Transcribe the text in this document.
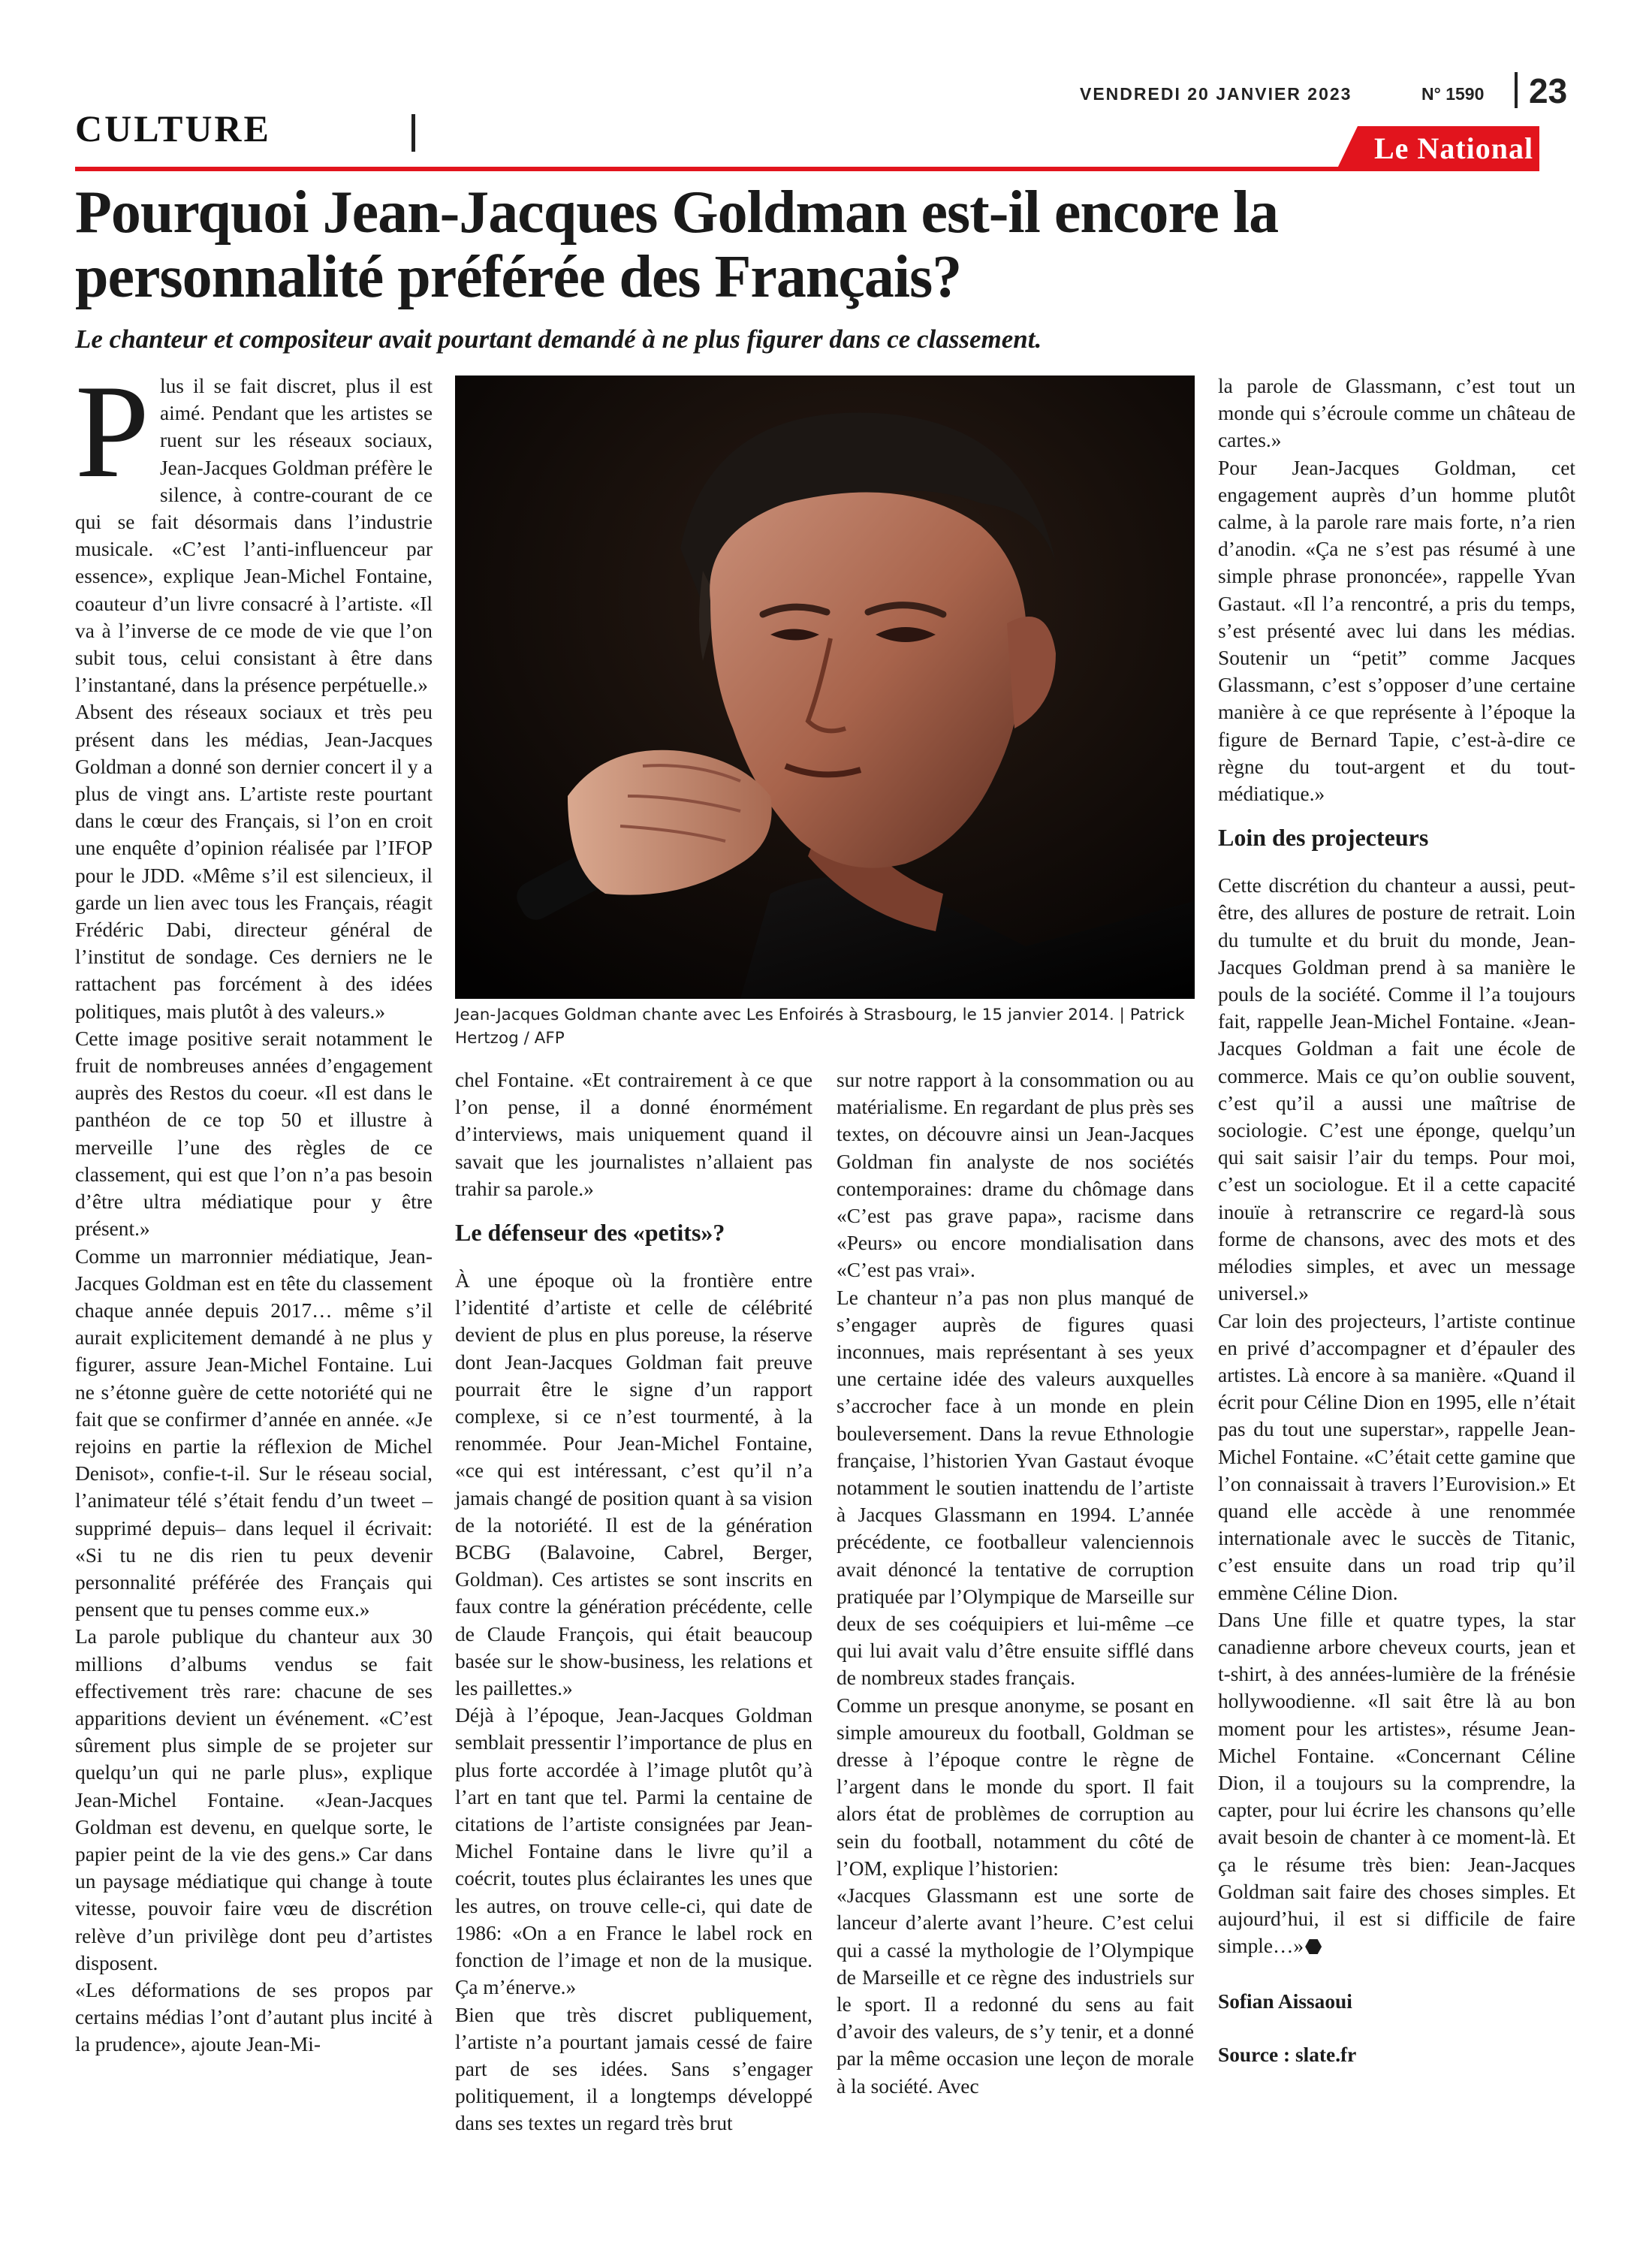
VENDREDI 20 JANVIER 2023	N° 1590 23
CULTURE	Le National
Pourquoi Jean-Jacques Goldman est-il encore la personnalité préférée des Français?
Le chanteur et compositeur avait pourtant demandé à ne plus figurer dans ce classement.

Plus il se fait discret, plus il est aimé. Pendant que les artistes se ruent sur les réseaux sociaux, Jean-Jacques Goldman préfère le silence, à contre-courant de ce qui se fait désormais dans l’industrie musicale. «C’est l’anti-influenceur par essence», explique Jean-Michel Fontaine, coauteur d’un livre consacré à l’artiste. «Il va à l’inverse de ce mode de vie que l’on subit tous, celui consistant à être dans l’instantané, dans la présence perpétuelle.»

Absent des réseaux sociaux et très peu présent dans les médias, Jean-Jacques Goldman a donné son dernier concert il y a plus de vingt ans. L’artiste reste pourtant dans le cœur des Français, si l’on en croit une enquête d’opinion réalisée par l’IFOP pour le JDD. «Même s’il est silencieux, il garde un lien avec tous les Français, réagit Frédéric Dabi, directeur général de l’institut de sondage. Ces derniers ne le rattachent pas forcément à des idées politiques, mais plutôt à des valeurs.»

Cette image positive serait notamment le fruit de nombreuses années d’engagement auprès des Restos du coeur. «Il est dans le panthéon de ce top 50 et illustre à merveille l’une des règles de ce classement, qui est que l’on n’a pas besoin d’être ultra médiatique pour y être présent.»

Comme un marronnier médiatique, Jean-Jacques Goldman est en tête du classement chaque année depuis 2017… même s’il aurait explicitement demandé à ne plus y figurer, assure Jean-Michel Fontaine. Lui ne s’étonne guère de cette notoriété qui ne fait que se confirmer d’année en année. «Je rejoins en partie la réflexion de Michel Denisot», confie-t-il. Sur le réseau social, l’animateur télé s’était fendu d’un tweet –supprimé depuis– dans lequel il écrivait: «Si tu ne dis rien tu peux devenir personnalité préférée des Français qui pensent que tu penses comme eux.»

La parole publique du chanteur aux 30 millions d’albums vendus se fait effectivement très rare: chacune de ses apparitions devient un événement. «C’est sûrement plus simple de se projeter sur quelqu’un qui ne parle plus», explique Jean-Michel Fontaine. «Jean-Jacques Goldman est devenu, en quelque sorte, le papier peint de la vie des gens.» Car dans un paysage médiatique qui change à toute vitesse, pouvoir faire vœu de discrétion relève d’un privilège dont peu d’artistes disposent.

«Les déformations de ses propos par certains médias l’ont d’autant plus incité à la prudence», ajoute Jean-Mi-

Jean-Jacques Goldman chante avec Les Enfoirés à Strasbourg, le 15 janvier 2014. | Patrick Hertzog / AFP

chel Fontaine. «Et contrairement à ce que l’on pense, il a donné énormément d’interviews, mais uniquement quand il savait que les journalistes n’allaient pas trahir sa parole.»

Le défenseur des «petits»?

À une époque où la frontière entre l’identité d’artiste et celle de célébrité devient de plus en plus poreuse, la réserve dont Jean-Jacques Goldman fait preuve pourrait être le signe d’un rapport complexe, si ce n’est tourmenté, à la renommée. Pour Jean-Michel Fontaine, «ce qui est intéressant, c’est qu’il n’a jamais changé de position quant à sa vision de la notoriété. Il est de la génération BCBG (Balavoine, Cabrel, Berger, Goldman). Ces artistes se sont inscrits en faux contre la génération précédente, celle de Claude François, qui était beaucoup basée sur le show-business, les relations et les paillettes.»

Déjà à l’époque, Jean-Jacques Goldman semblait pressentir l’importance de plus en plus forte accordée à l’image plutôt qu’à l’art en tant que tel. Parmi la centaine de citations de l’artiste consignées par Jean-Michel Fontaine dans le livre qu’il a coécrit, toutes plus éclairantes les unes que les autres, on trouve celle-ci, qui date de 1986: «On a en France le label rock en fonction de l’image et non de la musique. Ça m’énerve.»

Bien que très discret publiquement, l’artiste n’a pourtant jamais cessé de faire part de ses idées. Sans s’engager politiquement, il a longtemps développé dans ses textes un regard très brut

sur notre rapport à la consommation ou au matérialisme. En regardant de plus près ses textes, on découvre ainsi un Jean-Jacques Goldman fin analyste de nos sociétés contemporaines: drame du chômage dans «C’est pas grave papa», racisme dans «Peurs» ou encore mondialisation dans «C’est pas vrai».

Le chanteur n’a pas non plus manqué de s’engager auprès de figures quasi inconnues, mais représentant à ses yeux une certaine idée des valeurs auxquelles s’accrocher face à un monde en plein bouleversement. Dans la revue Ethnologie française, l’historien Yvan Gastaut évoque notamment le soutien inattendu de l’artiste à Jacques Glassmann en 1994. L’année précédente, ce footballeur valenciennois avait dénoncé la tentative de corruption pratiquée par l’Olympique de Marseille sur deux de ses coéquipiers et lui-même –ce qui lui avait valu d’être ensuite sifflé dans de nombreux stades français.

Comme un presque anonyme, se posant en simple amoureux du football, Goldman se dresse à l’époque contre le règne de l’argent dans le monde du sport. Il fait alors état de problèmes de corruption au sein du football, notamment du côté de l’OM, explique l’historien:

«Jacques Glassmann est une sorte de lanceur d’alerte avant l’heure. C’est celui qui a cassé la mythologie de l’Olympique de Marseille et ce règne des industriels sur le sport. Il a redonné du sens au fait d’avoir des valeurs, de s’y tenir, et a donné par la même occasion une leçon de morale à la société. Avec

la parole de Glassmann, c’est tout un monde qui s’écroule comme un château de cartes.»

Pour Jean-Jacques Goldman, cet engagement auprès d’un homme plutôt calme, à la parole rare mais forte, n’a rien d’anodin. «Ça ne s’est pas résumé à une simple phrase prononcée», rappelle Yvan Gastaut. «Il l’a rencontré, a pris du temps, s’est présenté avec lui dans les médias. Soutenir un “petit” comme Jacques Glassmann, c’est s’opposer d’une certaine manière à ce que représente à l’époque la figure de Bernard Tapie, c’est-à-dire ce règne du tout-argent et du tout-médiatique.»

Loin des projecteurs

Cette discrétion du chanteur a aussi, peut-être, des allures de posture de retrait. Loin du tumulte et du bruit du monde, Jean-Jacques Goldman prend à sa manière le pouls de la société. Comme il l’a toujours fait, rappelle Jean-Michel Fontaine. «Jean-Jacques Goldman a fait une école de commerce. Mais ce qu’on oublie souvent, c’est qu’il a aussi une maîtrise de sociologie. C’est une éponge, quelqu’un qui sait saisir l’air du temps. Pour moi, c’est un sociologue. Et il a cette capacité inouïe à retranscrire ce regard-là sous forme de chansons, avec des mots et des mélodies simples, et avec un message universel.»

Car loin des projecteurs, l’artiste continue en privé d’accompagner et d’épauler des artistes. Là encore à sa manière. «Quand il écrit pour Céline Dion en 1995, elle n’était pas du tout une superstar», rappelle Jean-Michel Fontaine. «C’était cette gamine que l’on connaissait à travers l’Eurovision.» Et quand elle accède à une renommée internationale avec le succès de Titanic, c’est ensuite dans un road trip qu’il emmène Céline Dion.

Dans Une fille et quatre types, la star canadienne arbore cheveux courts, jean et t-shirt, à des années-lumière de la frénésie hollywoodienne. «Il sait être là au bon moment pour les artistes», résume Jean-Michel Fontaine. «Concernant Céline Dion, il a toujours su la comprendre, la capter, pour lui écrire les chansons qu’elle avait besoin de chanter à ce moment-là. Et ça le résume très bien: Jean-Jacques Goldman sait faire des choses simples. Et aujourd’hui, il est si difficile de faire simple…»

Sofian Aissaoui
Source : slate.fr
